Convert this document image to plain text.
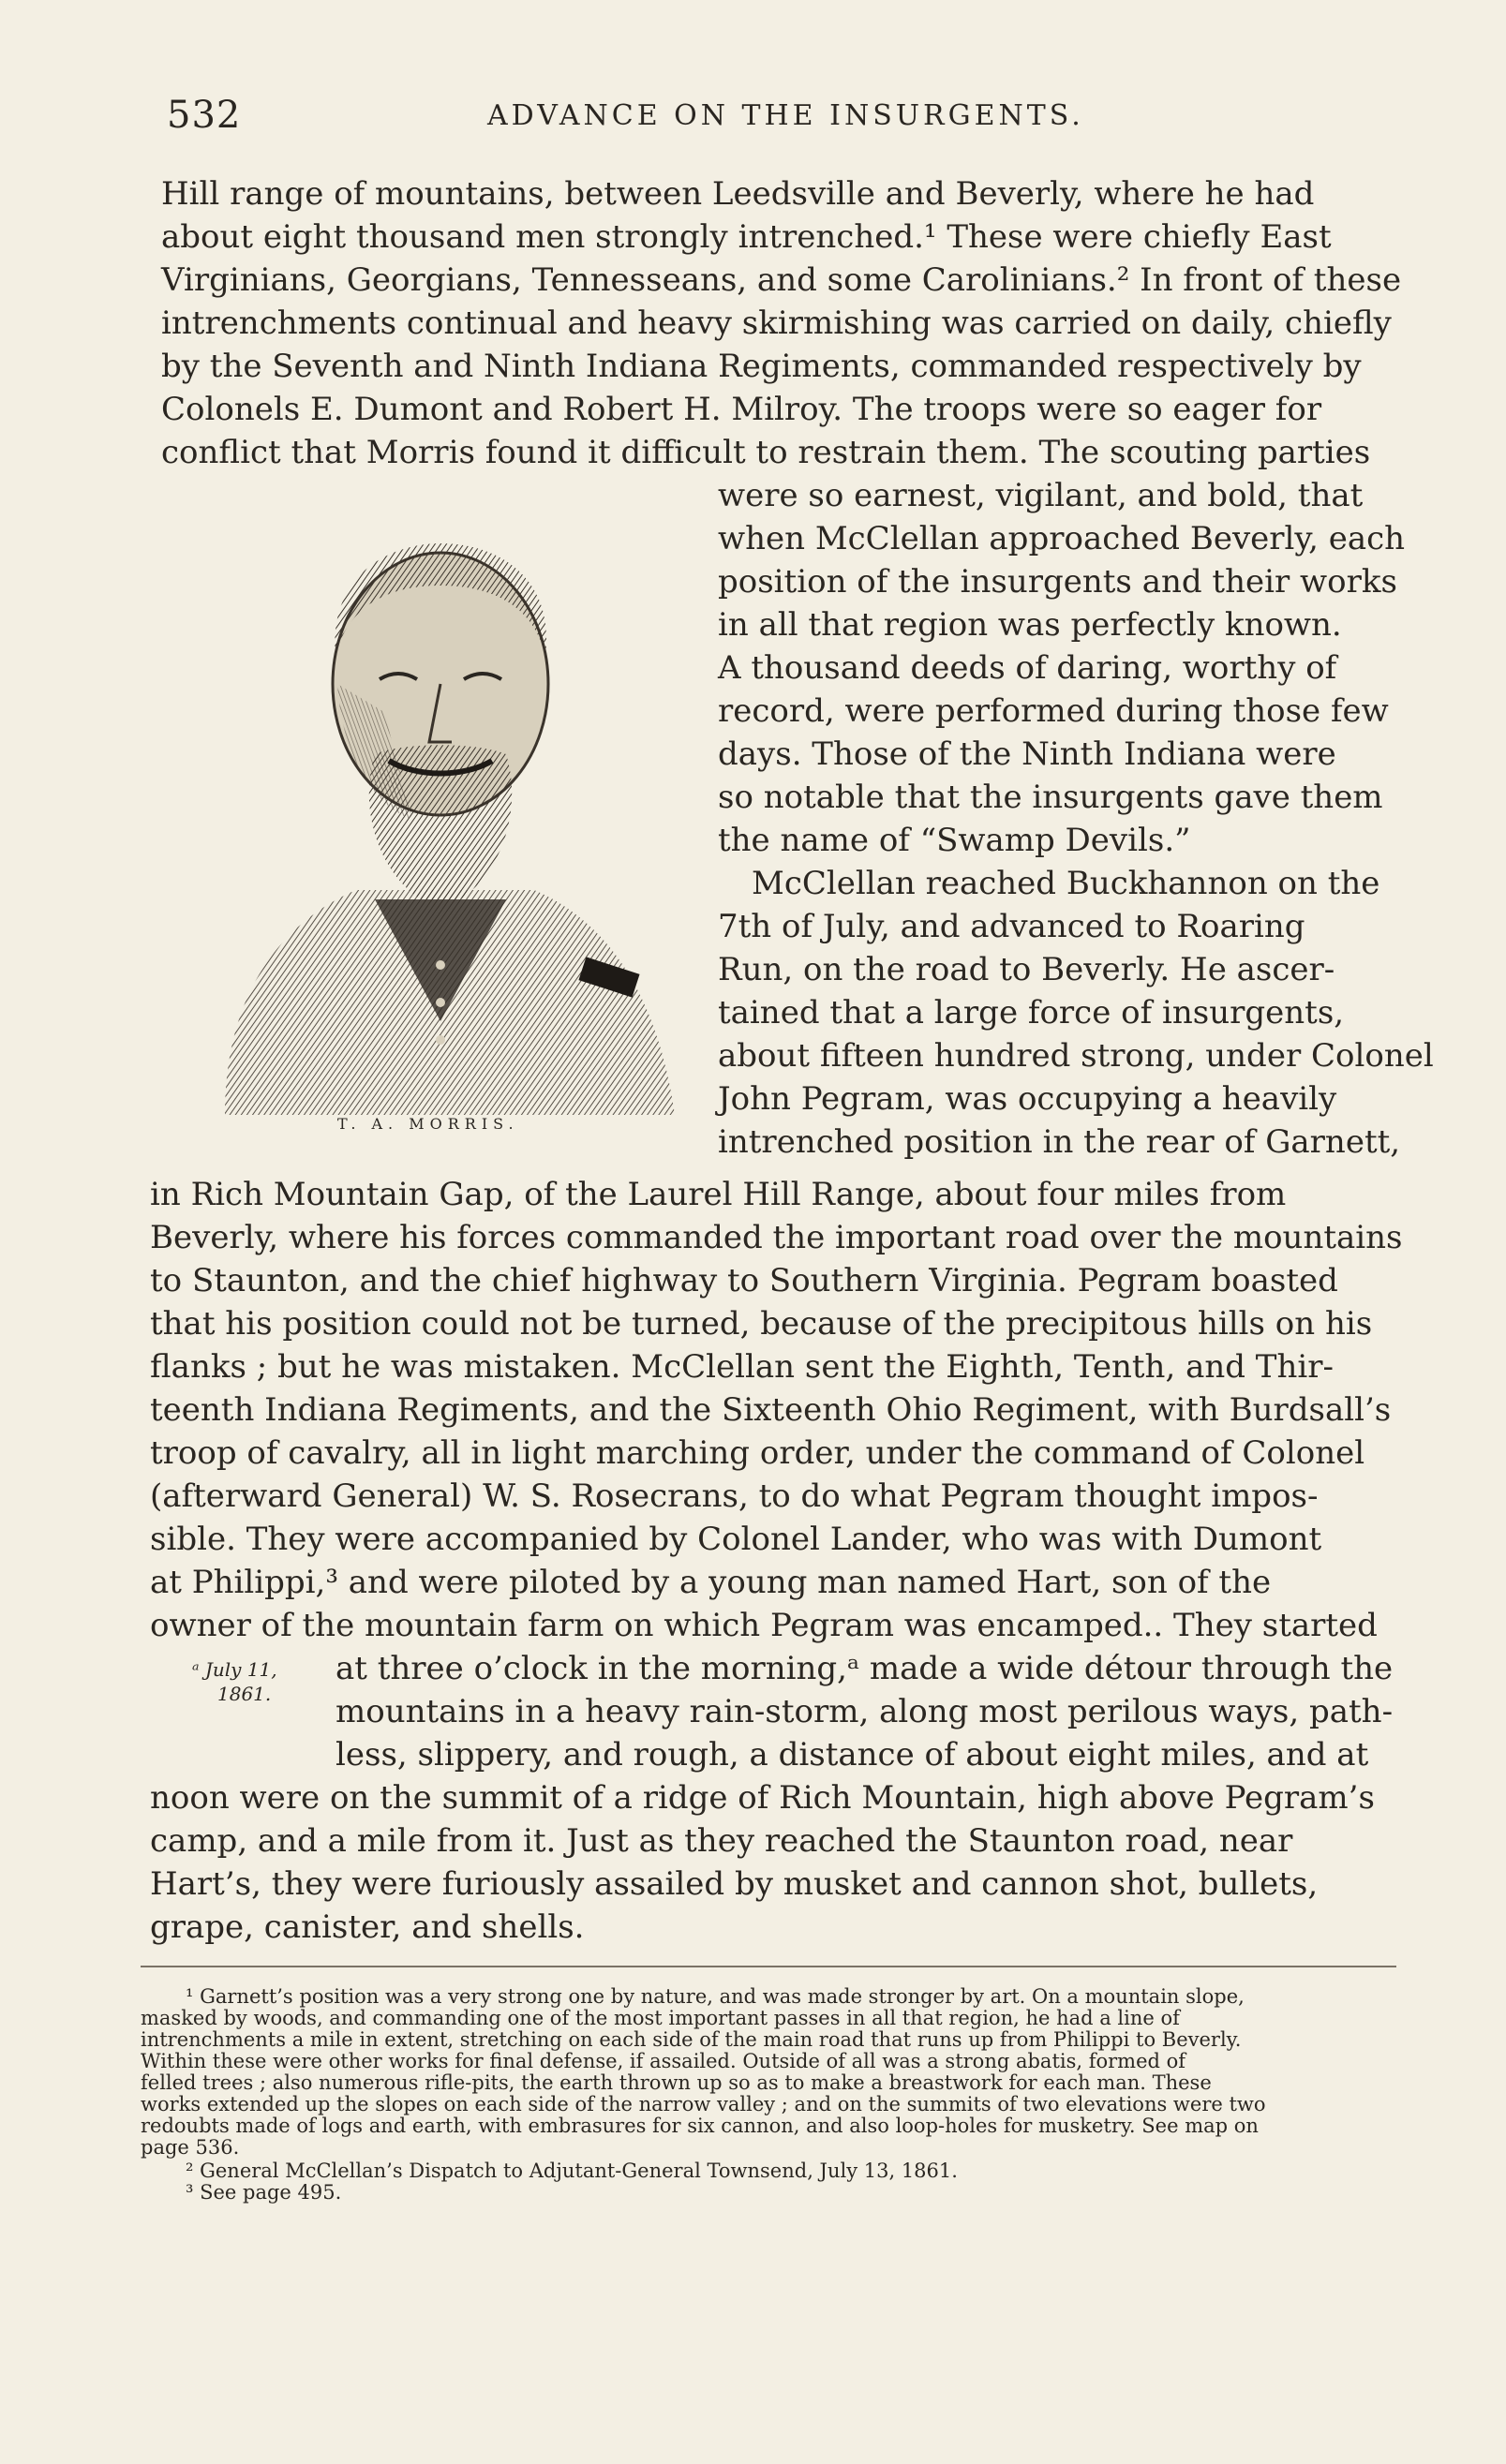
532	ADVANCE ON THE INSURGENTS.
Hill range of mountains, between Leedsville and Beverly, where he had
about eight thousand men strongly intrenched.¹ These were chiefly East
Virginians, Georgians, Tennesseans, and some Carolinians.² In front of these
intrenchments continual and heavy skirmishing was carried on daily, chiefly
by the Seventh and Ninth Indiana Regiments, commanded respectively by
Colonels E. Dumont and Robert H. Milroy. The troops were so eager for
conflict that Morris found it difficult to restrain them. The scouting parties
were so earnest, vigilant, and bold, that
when McClellan approached Beverly, each
position of the insurgents and their works
in all that region was perfectly known.
A thousand deeds of daring, worthy of
record, were performed during those few
days. Those of the Ninth Indiana were
so notable that the insurgents gave them
the name of “Swamp Devils.”
McClellan reached Buckhannon on the
7th of July, and advanced to Roaring
Run, on the road to Beverly. He ascer-
tained that a large force of insurgents,
about fifteen hundred strong, under Colonel
John Pegram, was occupying a heavily
intrenched position in the rear of Garnett,
in Rich Mountain Gap, of the Laurel Hill Range, about four miles from
Beverly, where his forces commanded the important road over the mountains
to Staunton, and the chief highway to Southern Virginia. Pegram boasted
that his position could not be turned, because of the precipitous hills on his
flanks ; but he was mistaken. McClellan sent the Eighth, Tenth, and Thir-
teenth Indiana Regiments, and the Sixteenth Ohio Regiment, with Burdsall’s
troop of cavalry, all in light marching order, under the command of Colonel
(afterward General) W. S. Rosecrans, to do what Pegram thought impos-
sible. They were accompanied by Colonel Lander, who was with Dumont
at Philippi,³ and were piloted by a young man named Hart, son of the
owner of the mountain farm on which Pegram was encamped.. They started
at three o’clock in the morning,ᵃ made a wide détour through the
mountains in a heavy rain-storm, along most perilous ways, path-
less, slippery, and rough, a distance of about eight miles, and at
noon were on the summit of a ridge of Rich Mountain, high above Pegram’s
camp, and a mile from it. Just as they reached the Staunton road, near
Hart’s, they were furiously assailed by musket and cannon shot, bullets,
grape, canister, and shells.
ᵃ July 11,
1861.
T. A. MORRIS.
¹ Garnett’s position was a very strong one by nature, and was made stronger by art. On a mountain slope,
masked by woods, and commanding one of the most important passes in all that region, he had a line of
intrenchments a mile in extent, stretching on each side of the main road that runs up from Philippi to Beverly.
Within these were other works for final defense, if assailed. Outside of all was a strong abatis, formed of
felled trees ; also numerous rifle-pits, the earth thrown up so as to make a breastwork for each man. These
works extended up the slopes on each side of the narrow valley ; and on the summits of two elevations were two
redoubts made of logs and earth, with embrasures for six cannon, and also loop-holes for musketry. See map on
page 536.
² General McClellan’s Dispatch to Adjutant-General Townsend, July 13, 1861.
³ See page 495.
